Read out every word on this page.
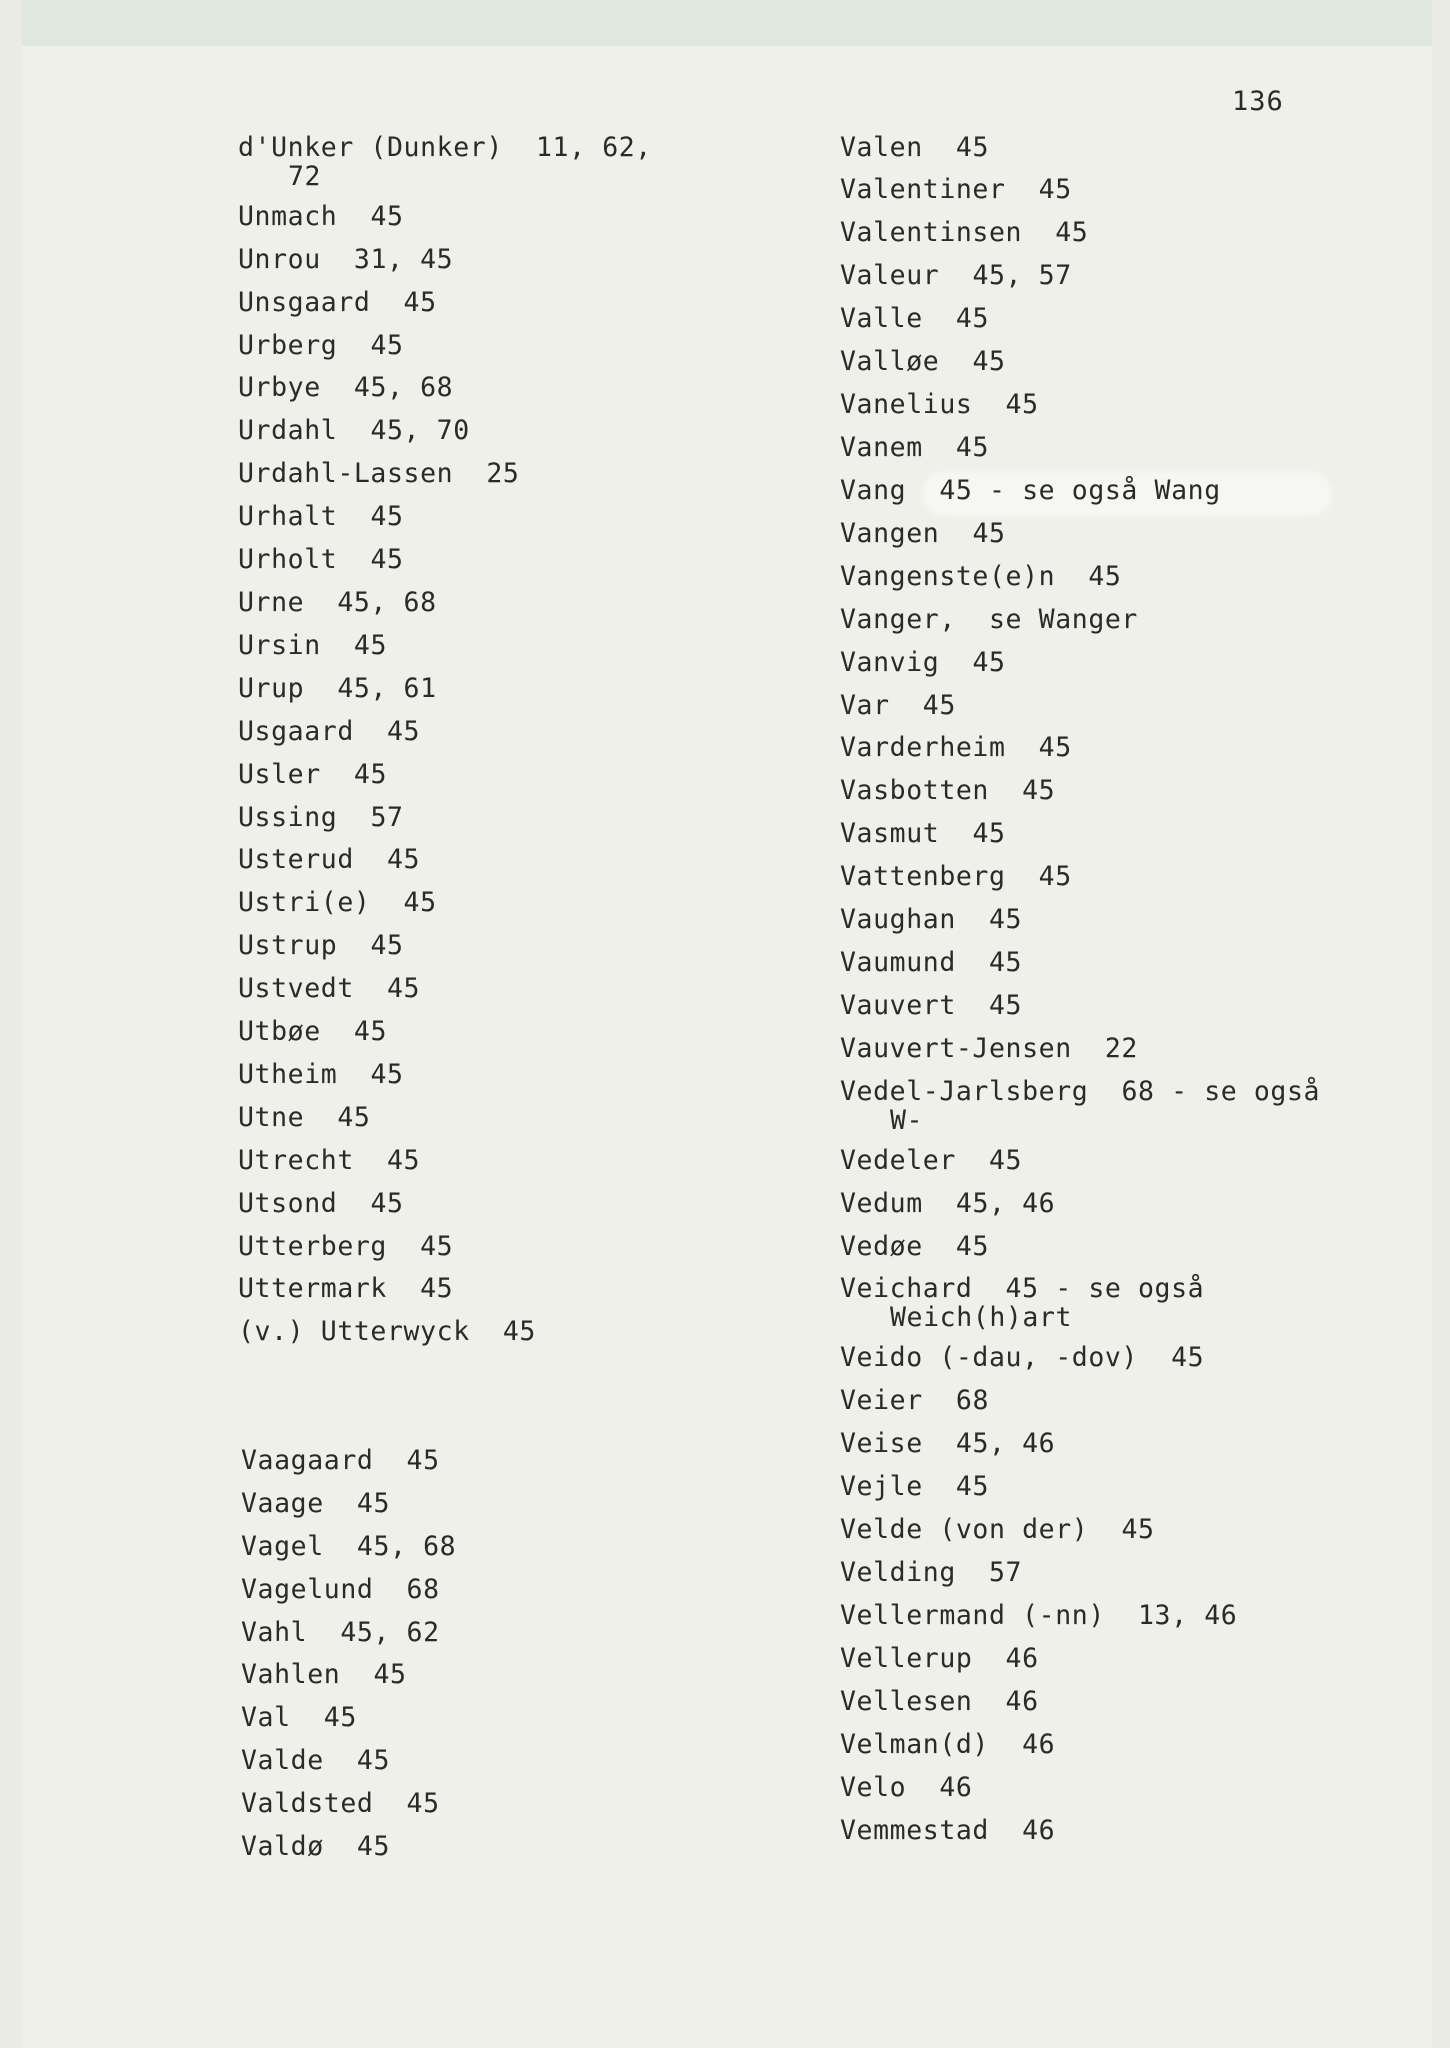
136
d'Unker (Dunker) 11, 62,
72
Unmach 45
Unrou 31, 45
Unsgaard 45
Urberg 45
Urbye 45, 68
Urdahl 45, 70
Urdahl-Lassen 25
Urhalt 45
Urholt 45
Urne 45, 68
Ursin 45
Urup 45, 61
Usgaard 45
Usler 45
Ussing 57
Usterud 45
Ustri(e) 45
Ustrup 45
Ustvedt 45
Utbøe 45
Utheim 45
Utne 45
Utrecht 45
Utsond 45
Utterberg 45
Uttermark 45
(v.) Utterwyck 45
Vaagaard 45
Vaage 45
Vagel 45, 68
Vagelund 68
Vahl 45, 62
Vahlen 45
Val 45
Valde 45
Valdsted 45
Valdø 45
Valen 45
Valentiner 45
Valentinsen 45
Valeur 45, 57
Valle 45
Valløe 45
Vanelius 45
Vanem 45
Vang 45 - se også Wang
Vangen 45
Vangenste(e)n 45
Vanger, se Wanger
Vanvig 45
Var 45
Varderheim 45
Vasbotten 45
Vasmut 45
Vattenberg 45
Vaughan 45
Vaumund 45
Vauvert 45
Vauvert-Jensen 22
Vedel-Jarlsberg 68 - se også
W-
Vedeler 45
Vedum 45, 46
Vedøe 45
Veichard 45 - se også
Weich(h)art
Veido (-dau, -dov) 45
Veier 68
Veise 45, 46
Vejle 45
Velde (von der) 45
Velding 57
Vellermand (-nn) 13, 46
Vellerup 46
Vellesen 46
Velman(d) 46
Velo 46
Vemmestad 46
